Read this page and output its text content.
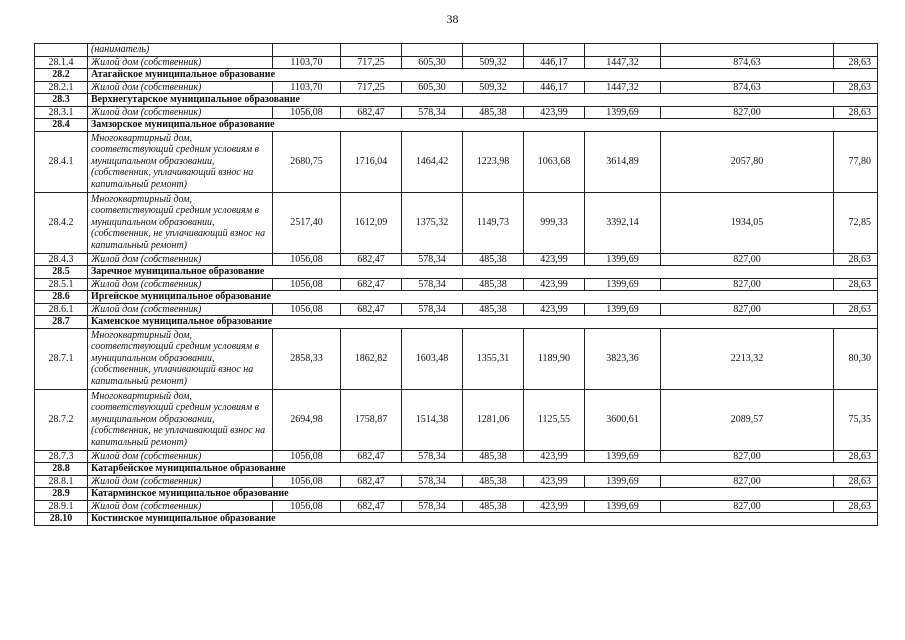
38
	(наниматель)								
28.1.4	Жилой дом (собственник)	1103,70	717,25	605,30	509,32	446,17	1447,32	874,63	28,63
28.2	Атагайское муниципальное образование								
28.2.1	Жилой дом (собственник)	1103,70	717,25	605,30	509,32	446,17	1447,32	874,63	28,63
28.3	Верхнегутарское муниципальное образование								
28.3.1	Жилой дом (собственник)	1056,08	682,47	578,34	485,38	423,99	1399,69	827,00	28,63
28.4	Замзорское муниципальное образование								
28.4.1	Многоквартирный дом, соответствующий средним условиям в муниципальном образовании, (собственник, уплачивающий взнос на капитальный ремонт)	2680,75	1716,04	1464,42	1223,98	1063,68	3614,89	2057,80	77,80
28.4.2	Многоквартирный дом, соответствующий средним условиям в муниципальном образовании, (собственник, не уплачивающий взнос на капитальный ремонт)	2517,40	1612,09	1375,32	1149,73	999,33	3392,14	1934,05	72,85
28.4.3	Жилой дом (собственник)	1056,08	682,47	578,34	485,38	423,99	1399,69	827,00	28,63
28.5	Заречное муниципальное образование								
28.5.1	Жилой дом (собственник)	1056,08	682,47	578,34	485,38	423,99	1399,69	827,00	28,63
28.6	Иргейское муниципальное образование								
28.6.1	Жилой дом (собственник)	1056,08	682,47	578,34	485,38	423,99	1399,69	827,00	28,63
28.7	Каменское муниципальное образование								
28.7.1	Многоквартирный дом, соответствующий средним условиям в муниципальном образовании, (собственник, уплачивающий взнос на капитальный ремонт)	2858,33	1862,82	1603,48	1355,31	1189,90	3823,36	2213,32	80,30
28.7.2	Многоквартирный дом, соответствующий средним условиям в муниципальном образовании, (собственник, не уплачивающий взнос на капитальный ремонт)	2694,98	1758,87	1514,38	1281,06	1125,55	3600,61	2089,57	75,35
28.7.3	Жилой дом (собственник)	1056,08	682,47	578,34	485,38	423,99	1399,69	827,00	28,63
28.8	Катарбейское муниципальное образование								
28.8.1	Жилой дом (собственник)	1056,08	682,47	578,34	485,38	423,99	1399,69	827,00	28,63
28.9	Катарминское муниципальное образование								
28.9.1	Жилой дом (собственник)	1056,08	682,47	578,34	485,38	423,99	1399,69	827,00	28,63
28.10	Костинское муниципальное образование								
